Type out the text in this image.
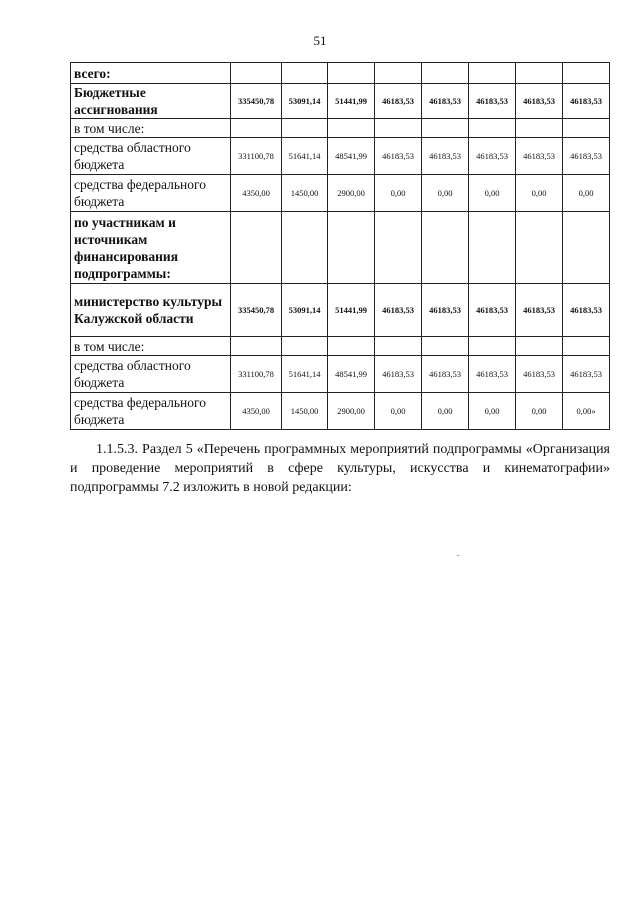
51
всего:								
Бюджетные ассигнования	335450,78	53091,14	51441,99	46183,53	46183,53	46183,53	46183,53	46183,53
в том числе:								
средства областного бюджета	331100,78	51641,14	48541,99	46183,53	46183,53	46183,53	46183,53	46183,53
средства федерального бюджета	4350,00	1450,00	2900,00	0,00	0,00	0,00	0,00	0,00
по участникам и источникам финансирования подпрограммы:								
министерство культуры Калужской области	335450,78	53091,14	51441,99	46183,53	46183,53	46183,53	46183,53	46183,53
в том числе:								
средства областного бюджета	331100,78	51641,14	48541,99	46183,53	46183,53	46183,53	46183,53	46183,53
средства федерального бюджета	4350,00	1450,00	2900,00	0,00	0,00	0,00	0,00	0,00»

1.1.5.3. Раздел 5 «Перечень программных мероприятий подпрограммы «Организация и проведение мероприятий в сфере культуры, искусства и кинематографии» подпрограммы 7.2 изложить в новой редакции:
